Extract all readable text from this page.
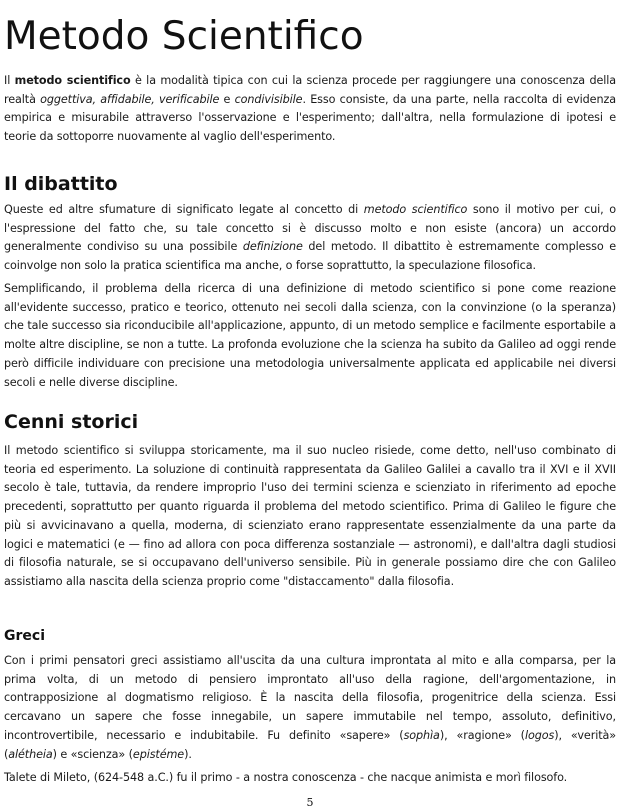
Metodo Scientifico

Il metodo scientifico è la modalità tipica con cui la scienza procede per raggiungere una conoscenza della realtà oggettiva, affidabile, verificabile e condivisibile. Esso consiste, da una parte, nella raccolta di evidenza empirica e misurabile attraverso l'osservazione e l'esperimento; dall'altra, nella formulazione di ipotesi e teorie da sottoporre nuovamente al vaglio dell'esperimento.

Il dibattito

Queste ed altre sfumature di significato legate al concetto di metodo scientifico sono il motivo per cui, o l'espressione del fatto che, su tale concetto si è discusso molto e non esiste (ancora) un accordo generalmente condiviso su una possibile definizione del metodo. Il dibattito è estremamente complesso e coinvolge non solo la pratica scientifica ma anche, o forse soprattutto, la speculazione filosofica.

Semplificando, il problema della ricerca di una definizione di metodo scientifico si pone come reazione all'evidente successo, pratico e teorico, ottenuto nei secoli dalla scienza, con la convinzione (o la speranza) che tale successo sia riconducibile all'applicazione, appunto, di un metodo semplice e facilmente esportabile a molte altre discipline, se non a tutte. La profonda evoluzione che la scienza ha subito da Galileo ad oggi rende però difficile individuare con precisione una metodologia universalmente applicata ed applicabile nei diversi secoli e nelle diverse discipline.

Cenni storici

Il metodo scientifico si sviluppa storicamente, ma il suo nucleo risiede, come detto, nell'uso combinato di teoria ed esperimento. La soluzione di continuità rappresentata da Galileo Galilei a cavallo tra il XVI e il XVII secolo è tale, tuttavia, da rendere improprio l'uso dei termini scienza e scienziato in riferimento ad epoche precedenti, soprattutto per quanto riguarda il problema del metodo scientifico. Prima di Galileo le figure che più si avvicinavano a quella, moderna, di scienziato erano rappresentate essenzialmente da una parte da logici e matematici (e — fino ad allora con poca differenza sostanziale — astronomi), e dall'altra dagli studiosi di filosofia naturale, se si occupavano dell'universo sensibile. Più in generale possiamo dire che con Galileo assistiamo alla nascita della scienza proprio come "distaccamento" dalla filosofia.

Greci

Con i primi pensatori greci assistiamo all'uscita da una cultura improntata al mito e alla comparsa, per la prima volta, di un metodo di pensiero improntato all'uso della ragione, dell'argomentazione, in contrapposizione al dogmatismo religioso. È la nascita della filosofia, progenitrice della scienza. Essi cercavano un sapere che fosse innegabile, un sapere immutabile nel tempo, assoluto, definitivo, incontrovertibile, necessario e indubitabile. Fu definito «sapere» (sophìa), «ragione» (logos), «verità» (alétheia) e «scienza» (epistéme).

Talete di Mileto, (624-548 a.C.) fu il primo - a nostra conoscenza - che nacque animista e morì filosofo.

5
